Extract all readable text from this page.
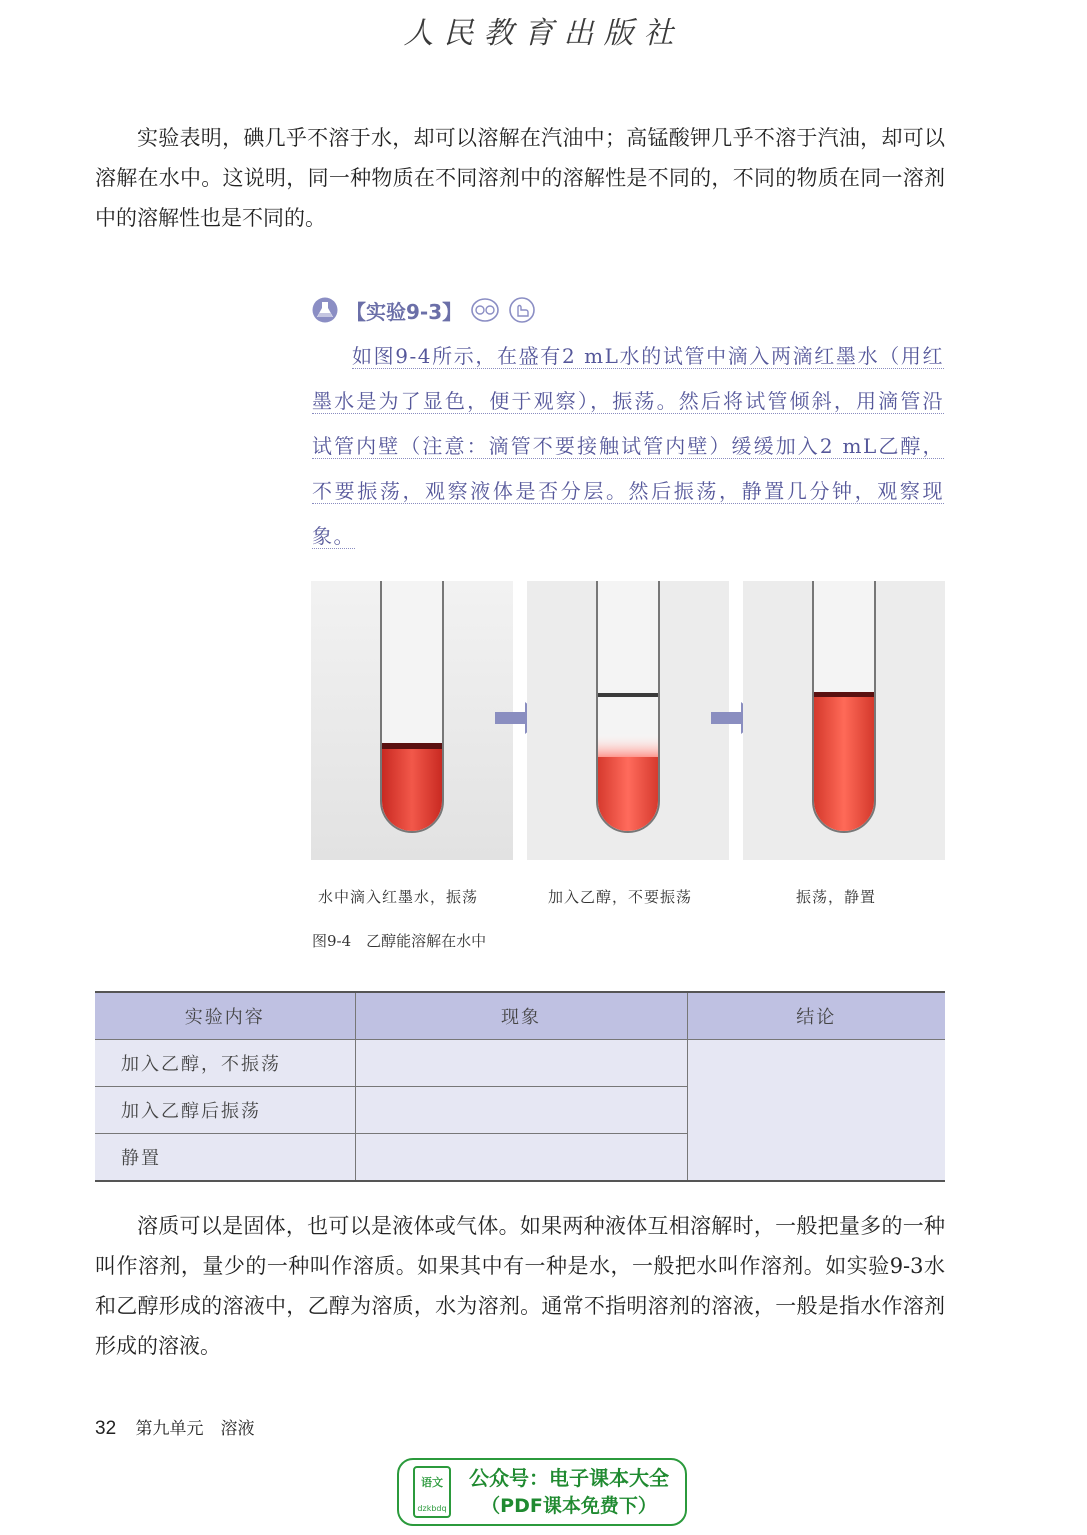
人民教育出版社

实验表明，碘几乎不溶于水，却可以溶解在汽油中；高锰酸钾几乎不溶于汽油，却可以溶解在水中。这说明，同一种物质在不同溶剂中的溶解性是不同的，不同的物质在同一溶剂中的溶解性也是不同的。

【实验9-3】

如图9-4所示，在盛有2 mL水的试管中滴入两滴红墨水（用红墨水是为了显色，便于观察），振荡。然后将试管倾斜，用滴管沿试管内壁（注意：滴管不要接触试管内壁）缓缓加入2 mL乙醇，不要振荡，观察液体是否分层。然后振荡，静置几分钟，观察现象。

水中滴入红墨水，振荡	加入乙醇，不要振荡	振荡，静置
图9-4　乙醇能溶解在水中
实验内容	现象	结论
加入乙醇，不振荡		
加入乙醇后振荡		
静置		

溶质可以是固体，也可以是液体或气体。如果两种液体互相溶解时，一般把量多的一种叫作溶剂，量少的一种叫作溶质。如果其中有一种是水，一般把水叫作溶剂。如实验9-3水和乙醇形成的溶液中，乙醇为溶质，水为溶剂。通常不指明溶剂的溶液，一般是指水作溶剂形成的溶液。

32 第九单元　溶液
语文
dzkbdq
公众号：电子课本大全
（PDF课本免费下）
